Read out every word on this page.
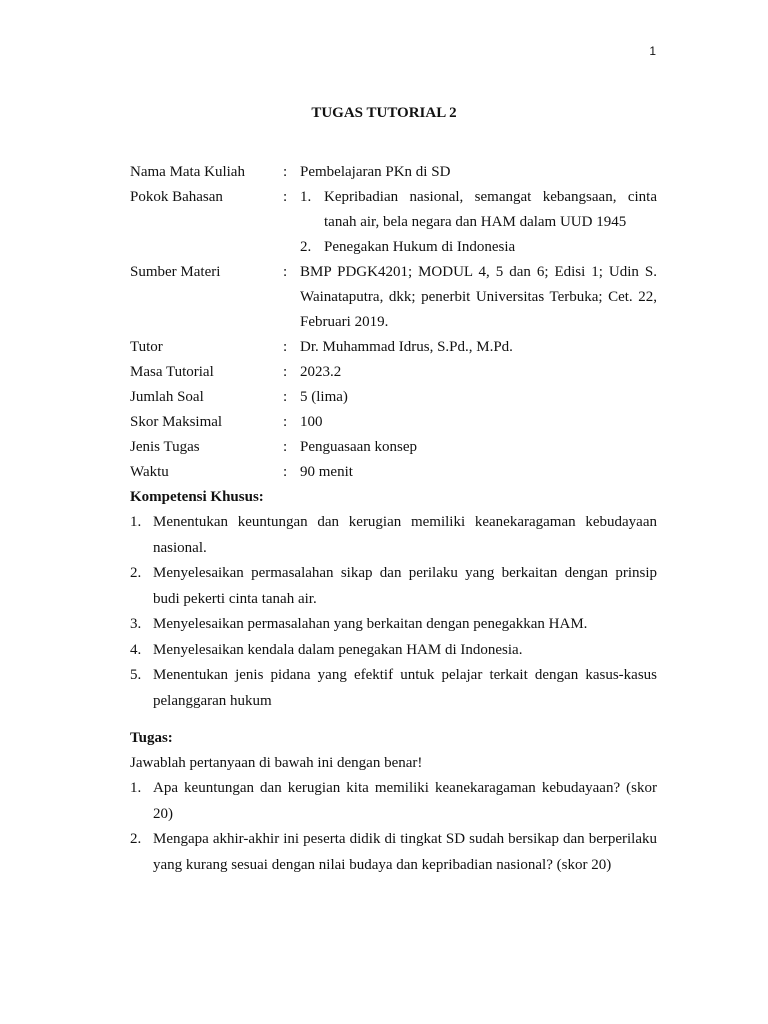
1
TUGAS TUTORIAL 2
Nama Mata Kuliah	: Pembelajaran PKn di SD
Pokok Bahasan	: 1. Kepribadian nasional, semangat kebangsaan, cinta tanah air, bela negara dan HAM dalam UUD 1945
2. Penegakan Hukum di Indonesia
Sumber Materi	: BMP PDGK4201; MODUL 4, 5 dan 6; Edisi 1; Udin S. Wainataputra, dkk; penerbit Universitas Terbuka; Cet. 22, Februari 2019.
Tutor	: Dr. Muhammad Idrus, S.Pd., M.Pd.
Masa Tutorial	: 2023.2
Jumlah Soal	: 5 (lima)
Skor Maksimal	: 100
Jenis Tugas	: Penguasaan konsep
Waktu	: 90 menit
Kompetensi Khusus:
1. Menentukan keuntungan dan kerugian memiliki keanekaragaman kebudayaan nasional.
2. Menyelesaikan permasalahan sikap dan perilaku yang berkaitan dengan prinsip budi pekerti cinta tanah air.
3. Menyelesaikan permasalahan yang berkaitan dengan penegakkan HAM.
4. Menyelesaikan kendala dalam penegakan HAM di Indonesia.
5. Menentukan jenis pidana yang efektif untuk pelajar terkait dengan kasus-kasus pelanggaran hukum
Tugas:
Jawablah pertanyaan di bawah ini dengan benar!
1. Apa keuntungan dan kerugian kita memiliki keanekaragaman kebudayaan? (skor 20)
2. Mengapa akhir-akhir ini peserta didik di tingkat SD sudah bersikap dan berperilaku yang kurang sesuai dengan nilai budaya dan kepribadian nasional? (skor 20)
